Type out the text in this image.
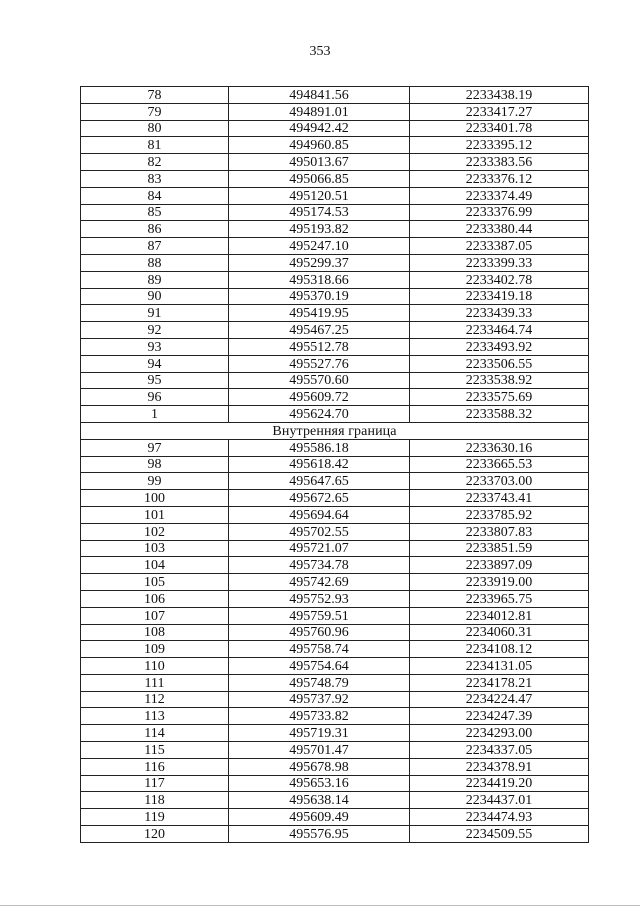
353
78	494841.56	2233438.19
79	494891.01	2233417.27
80	494942.42	2233401.78
81	494960.85	2233395.12
82	495013.67	2233383.56
83	495066.85	2233376.12
84	495120.51	2233374.49
85	495174.53	2233376.99
86	495193.82	2233380.44
87	495247.10	2233387.05
88	495299.37	2233399.33
89	495318.66	2233402.78
90	495370.19	2233419.18
91	495419.95	2233439.33
92	495467.25	2233464.74
93	495512.78	2233493.92
94	495527.76	2233506.55
95	495570.60	2233538.92
96	495609.72	2233575.69
1	495624.70	2233588.32
Внутренняя граница		
97	495586.18	2233630.16
98	495618.42	2233665.53
99	495647.65	2233703.00
100	495672.65	2233743.41
101	495694.64	2233785.92
102	495702.55	2233807.83
103	495721.07	2233851.59
104	495734.78	2233897.09
105	495742.69	2233919.00
106	495752.93	2233965.75
107	495759.51	2234012.81
108	495760.96	2234060.31
109	495758.74	2234108.12
110	495754.64	2234131.05
111	495748.79	2234178.21
112	495737.92	2234224.47
113	495733.82	2234247.39
114	495719.31	2234293.00
115	495701.47	2234337.05
116	495678.98	2234378.91
117	495653.16	2234419.20
118	495638.14	2234437.01
119	495609.49	2234474.93
120	495576.95	2234509.55
